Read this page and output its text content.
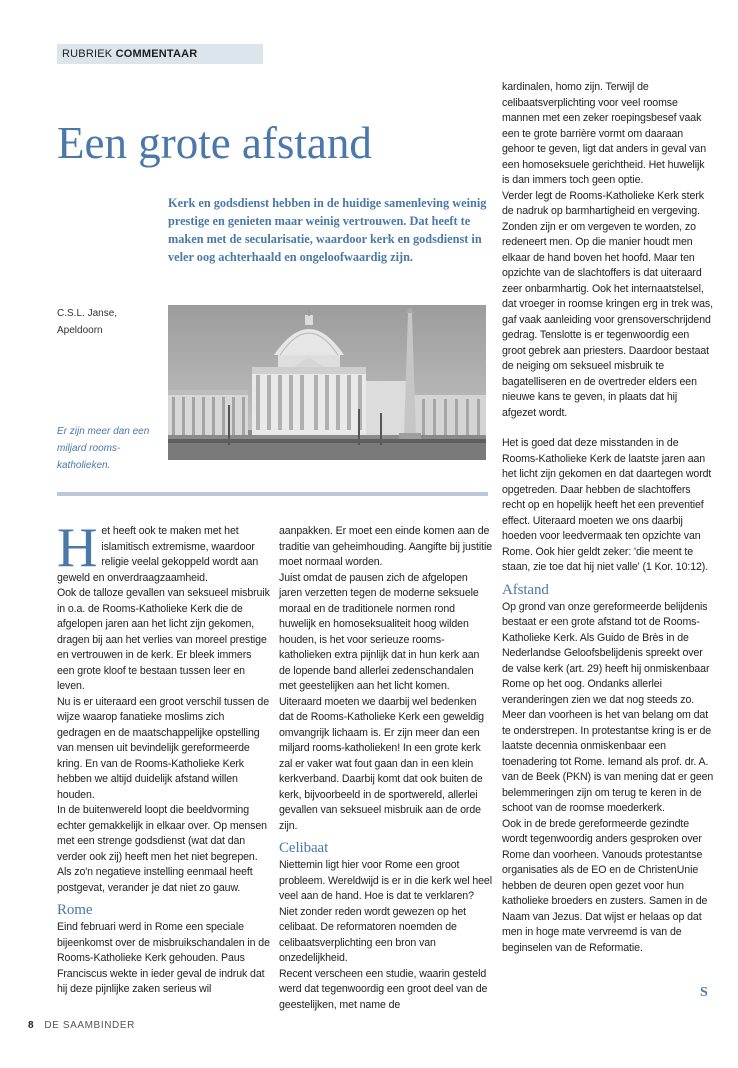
RUBRIEK COMMENTAAR
Een grote afstand

Kerk en godsdienst hebben in de huidige samenleving weinig prestige en genieten maar weinig vertrouwen. Dat heeft te maken met de secularisatie, waardoor kerk en godsdienst in veler oog achterhaald en ongeloofwaardig zijn.

C.S.L. Janse,
Apeldoorn
Er zijn meer dan een miljard rooms-katholieken.

Het heeft ook te maken met het islamitisch extremisme, waardoor religie veelal gekoppeld wordt aan geweld en onverdraagzaamheid.

Ook de talloze gevallen van seksueel misbruik in o.a. de Rooms-Katholieke Kerk die de afgelopen jaren aan het licht zijn gekomen, dragen bij aan het verlies van moreel prestige en vertrouwen in de kerk. Er bleek immers een grote kloof te bestaan tussen leer en leven.

Nu is er uiteraard een groot verschil tussen de wijze waarop fanatieke moslims zich gedragen en de maatschappelijke opstelling van mensen uit bevindelijk gereformeerde kring. En van de Rooms-Katholieke Kerk hebben we altijd duidelijk afstand willen houden.

In de buitenwereld loopt die beeldvorming echter gemakkelijk in elkaar over. Op mensen met een strenge godsdienst (wat dat dan verder ook zij) heeft men het niet begrepen. Als zo'n negatieve instelling eenmaal heeft postgevat, verander je dat niet zo gauw.

Rome

Eind februari werd in Rome een speciale bijeenkomst over de misbruikschandalen in de Rooms-Katholieke Kerk gehouden. Paus Franciscus wekte in ieder geval de indruk dat hij deze pijnlijke zaken serieus wil

aanpakken. Er moet een einde komen aan de traditie van geheimhouding. Aangifte bij justitie moet normaal worden.

Juist omdat de pausen zich de afgelopen jaren verzetten tegen de moderne seksuele moraal en de traditionele normen rond huwelijk en homoseksualiteit hoog wilden houden, is het voor serieuze rooms-katholieken extra pijnlijk dat in hun kerk aan de lopende band allerlei zedenschandalen met geestelijken aan het licht komen.

Uiteraard moeten we daarbij wel bedenken dat de Rooms-Katholieke Kerk een geweldig omvangrijk lichaam is. Er zijn meer dan een miljard rooms-katholieken! In een grote kerk zal er vaker wat fout gaan dan in een klein kerkverband. Daarbij komt dat ook buiten de kerk, bijvoorbeeld in de sportwereld, allerlei gevallen van seksueel misbruik aan de orde zijn.

Celibaat

Niettemin ligt hier voor Rome een groot probleem. Wereldwijd is er in die kerk wel heel veel aan de hand. Hoe is dat te verklaren? Niet zonder reden wordt gewezen op het celibaat. De reformatoren noemden de celibaatsverplichting een bron van onzedelijkheid.

Recent verscheen een studie, waarin gesteld werd dat tegenwoordig een groot deel van de geestelijken, met name de

kardinalen, homo zijn. Terwijl de celibaatsverplichting voor veel roomse mannen met een zeker roepingsbesef vaak een te grote barrière vormt om daaraan gehoor te geven, ligt dat anders in geval van een homoseksuele gerichtheid. Het huwelijk is dan immers toch geen optie.

Verder legt de Rooms-Katholieke Kerk sterk de nadruk op barmhartigheid en vergeving. Zonden zijn er om vergeven te worden, zo redeneert men. Op die manier houdt men elkaar de hand boven het hoofd. Maar ten opzichte van de slachtoffers is dat uiteraard zeer onbarmhartig. Ook het internaatstelsel, dat vroeger in roomse kringen erg in trek was, gaf vaak aanleiding voor grensoverschrijdend gedrag. Tenslotte is er tegenwoordig een groot gebrek aan priesters. Daardoor bestaat de neiging om seksueel misbruik te bagatelliseren en de overtreder elders een nieuwe kans te geven, in plaats dat hij afgezet wordt.

Het is goed dat deze misstanden in de Rooms-Katholieke Kerk de laatste jaren aan het licht zijn gekomen en dat daartegen wordt opgetreden. Daar hebben de slachtoffers recht op en hopelijk heeft het een preventief effect. Uiteraard moeten we ons daarbij hoeden voor leedvermaak ten opzichte van Rome. Ook hier geldt zeker: 'die meent te staan, zie toe dat hij niet valle' (1 Kor. 10:12).

Afstand

Op grond van onze gereformeerde belijdenis bestaat er een grote afstand tot de Rooms-Katholieke Kerk. Als Guido de Brès in de Nederlandse Geloofsbelijdenis spreekt over de valse kerk (art. 29) heeft hij onmiskenbaar Rome op het oog. Ondanks allerlei veranderingen zien we dat nog steeds zo.

Meer dan voorheen is het van belang om dat te onderstrepen. In protestantse kring is er de laatste decennia onmiskenbaar een toenadering tot Rome. Iemand als prof. dr. A. van de Beek (PKN) is van mening dat er geen belemmeringen zijn om terug te keren in de schoot van de roomse moederkerk.

Ook in de brede gereformeerde gezindte wordt tegenwoordig anders gesproken over Rome dan voorheen. Vanouds protestantse organisaties als de EO en de ChristenUnie hebben de deuren open gezet voor hun katholieke broeders en zusters. Samen in de Naam van Jezus. Dat wijst er helaas op dat men in hoge mate vervreemd is van de beginselen van de Reformatie.

S
8 DE SAAMBINDER
